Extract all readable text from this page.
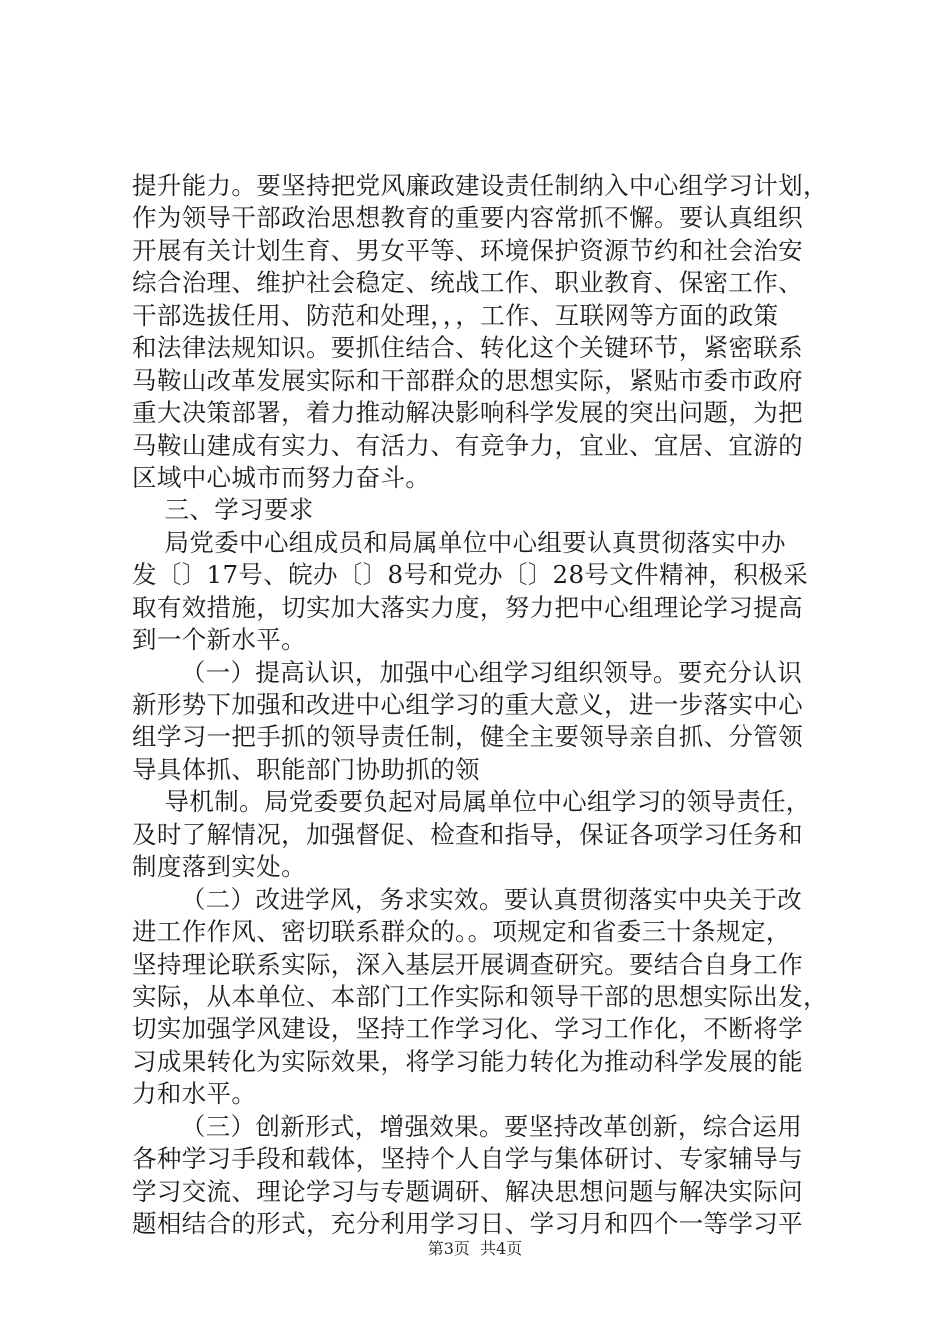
提升能力。要坚持把党风廉政建设责任制纳入中心组学习计划，
作为领导干部政治思想教育的重要内容常抓不懈。要认真组织
开展有关计划生育、男女平等、环境保护资源节约和社会治安
综合治理、维护社会稳定、统战工作、职业教育、保密工作、
干部选拔任用、防范和处理，，，工作、互联网等方面的政策
和法律法规知识。要抓住结合、转化这个关键环节，紧密联系
马鞍山改革发展实际和干部群众的思想实际，紧贴市委市政府
重大决策部署，着力推动解决影响科学发展的突出问题，为把
马鞍山建成有实力、有活力、有竞争力，宜业、宜居、宜游的
区域中心城市而努力奋斗。
三、学习要求
局党委中心组成员和局属单位中心组要认真贯彻落实中办
发〔〕17号、皖办〔〕8号和党办〔〕28号文件精神，积极采
取有效措施，切实加大落实力度，努力把中心组理论学习提高
到一个新水平。
（一）提高认识，加强中心组学习组织领导。要充分认识
新形势下加强和改进中心组学习的重大意义，进一步落实中心
组学习一把手抓的领导责任制，健全主要领导亲自抓、分管领
导具体抓、职能部门协助抓的领
导机制。局党委要负起对局属单位中心组学习的领导责任，
及时了解情况，加强督促、检查和指导，保证各项学习任务和
制度落到实处。
（二）改进学风，务求实效。要认真贯彻落实中央关于改
进工作作风、密切联系群众的。。项规定和省委三十条规定，
坚持理论联系实际，深入基层开展调查研究。要结合自身工作
实际，从本单位、本部门工作实际和领导干部的思想实际出发，
切实加强学风建设，坚持工作学习化、学习工作化，不断将学
习成果转化为实际效果，将学习能力转化为推动科学发展的能
力和水平。
（三）创新形式，增强效果。要坚持改革创新，综合运用
各种学习手段和载体，坚持个人自学与集体研讨、专家辅导与
学习交流、理论学习与专题调研、解决思想问题与解决实际问
题相结合的形式，充分利用学习日、学习月和四个一等学习平
第3页  共4页
